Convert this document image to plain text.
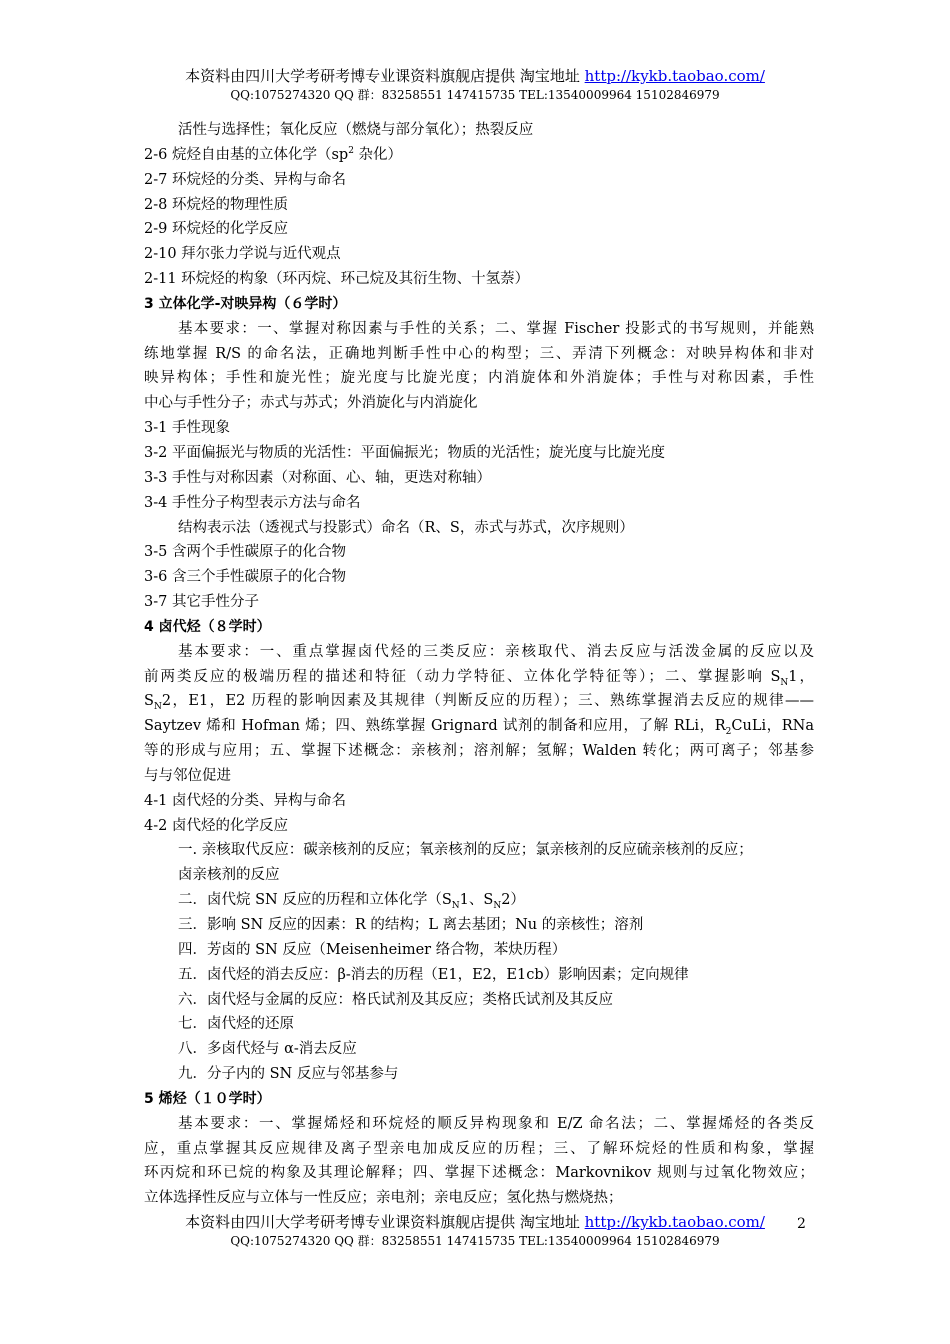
本资料由四川大学考研考博专业课资料旗舰店提供 淘宝地址 http://kykb.taobao.com/
QQ:1075274320 QQ 群：83258551 147415735 TEL:13540009964 15102846979
活性与选择性；氧化反应（燃烧与部分氧化）；热裂反应
2-6 烷烃自由基的立体化学（$sp^2$ 杂化）
2-7 环烷烃的分类、异构与命名
2-8 环烷烃的物理性质
2-9 环烷烃的化学反应
2-10 拜尔张力学说与近代观点
2-11 环烷烃的构象（环丙烷、环己烷及其衍生物、十氢萘）
3 立体化学-对映异构（６学时）
基本要求：一、掌握对称因素与手性的关系；二、掌握 Fischer 投影式的书写规则，并能熟
练地掌握 R/S 的命名法，正确地判断手性中心的构型；三、弄清下列概念：对映异构体和非对
映异构体；手性和旋光性；旋光度与比旋光度；内消旋体和外消旋体；手性与对称因素，手性
中心与手性分子；赤式与苏式；外消旋化与内消旋化
3-1 手性现象
3-2 平面偏振光与物质的光活性：平面偏振光；物质的光活性；旋光度与比旋光度
3-3 手性与对称因素（对称面、心、轴，更迭对称轴）
3-4 手性分子构型表示方法与命名
结构表示法（透视式与投影式）命名（R、S，赤式与苏式，次序规则）
3-5 含两个手性碳原子的化合物
3-6 含三个手性碳原子的化合物
3-7 其它手性分子
4 卤代烃（８学时）
基本要求：一、重点掌握卤代烃的三类反应：亲核取代、消去反应与活泼金属的反应以及
前两类反应的极端历程的描述和特征（动力学特征、立体化学特征等）；二、掌握影响 $S_N1$，
$S_N2$，E1，E2 历程的影响因素及其规律（判断反应的历程）；三、熟练掌握消去反应的规律——
Saytzev 烯和 Hofman 烯；四、熟练掌握 Grignard 试剂的制备和应用，了解 RLi，$R_2CuLi$，RNa
等的形成与应用；五、掌握下述概念：亲核剂；溶剂解；氢解；Walden 转化；两可离子；邻基参
与与邻位促进
4-1 卤代烃的分类、异构与命名
4-2 卤代烃的化学反应
一. 亲核取代反应：碳亲核剂的反应；氧亲核剂的反应；氯亲核剂的反应硫亲核剂的反应；
卤亲核剂的反应
二．卤代烷 SN 反应的历程和立体化学（$S_N1$、$S_N2$）
三．影响 SN 反应的因素：R 的结构；L 离去基团；Nu 的亲核性；溶剂
四．芳卤的 SN 反应（Meisenheimer 络合物，苯炔历程）
五．卤代烃的消去反应：β-消去的历程（E1，E2，E1cb）影响因素；定向规律
六．卤代烃与金属的反应：格氏试剂及其反应；类格氏试剂及其反应
七．卤代烃的还原
八．多卤代烃与 α-消去反应
九．分子内的 SN 反应与邻基参与
5 烯烃（１０学时）
基本要求：一、掌握烯烃和环烷烃的顺反异构现象和 E/Z 命名法；二、掌握烯烃的各类反
应，重点掌握其反应规律及离子型亲电加成反应的历程；三、了解环烷烃的性质和构象，掌握
环丙烷和环已烷的构象及其理论解释；四、掌握下述概念：Markovnikov 规则与过氧化物效应；
立体选择性反应与立体与一性反应；亲电剂；亲电反应；氢化热与燃烧热；
本资料由四川大学考研考博专业课资料旗舰店提供 淘宝地址 http://kykb.taobao.com/
QQ:1075274320 QQ 群：83258551 147415735 TEL:13540009964 15102846979
2
